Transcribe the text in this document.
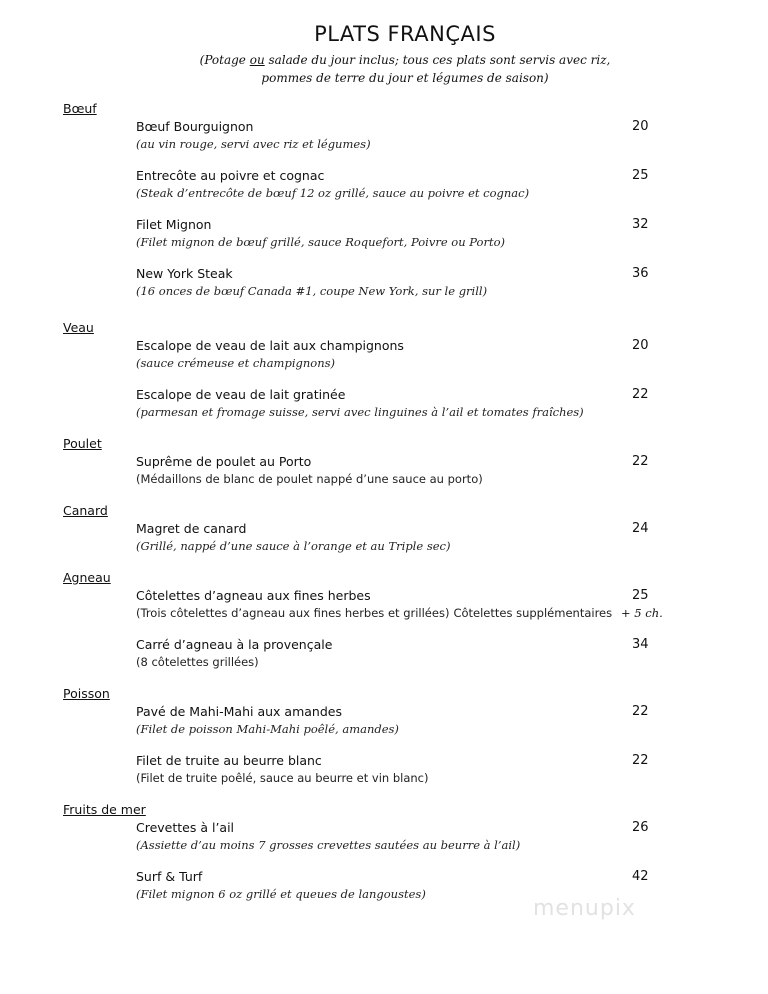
PLATS FRANÇAIS
(Potage ou salade du jour inclus; tous ces plats sont servis avec riz,
pommes de terre du jour et légumes de saison)
Bœuf
Bœuf Bourguignon
(au vin rouge, servi avec riz et légumes)
20
Entrecôte au poivre et cognac
(Steak d’entrecôte de bœuf 12 oz grillé, sauce au poivre et cognac)
25
Filet Mignon
(Filet mignon de bœuf grillé, sauce Roquefort, Poivre ou Porto)
32
New York Steak
(16 onces de bœuf Canada #1, coupe New York, sur le grill)
36
Veau
Escalope de veau de lait aux champignons
(sauce crémeuse et champignons)
20
Escalope de veau de lait gratinée
(parmesan et fromage suisse, servi avec linguines à l’ail et tomates fraîches)
22
Poulet
Suprême de poulet au Porto
(Médaillons de blanc de poulet nappé d’une sauce au porto)
22
Canard
Magret de canard
(Grillé, nappé d’une sauce à l’orange et au Triple sec)
24
Agneau
Côtelettes d’agneau aux fines herbes
(Trois côtelettes d’agneau aux fines herbes et grillées) Côtelettes supplémentaires
25
+ 5 ch.
Carré d’agneau à la provençale
(8 côtelettes grillées)
34
Poisson
Pavé de Mahi-Mahi aux amandes
(Filet de poisson Mahi-Mahi poêlé, amandes)
22
Filet de truite au beurre blanc
(Filet de truite poêlé, sauce au beurre et vin blanc)
22
Fruits de mer
Crevettes à l’ail
(Assiette d’au moins 7 grosses crevettes sautées au beurre à l’ail)
26
Surf & Turf
(Filet mignon 6 oz grillé et queues de langoustes)
42
menupix
